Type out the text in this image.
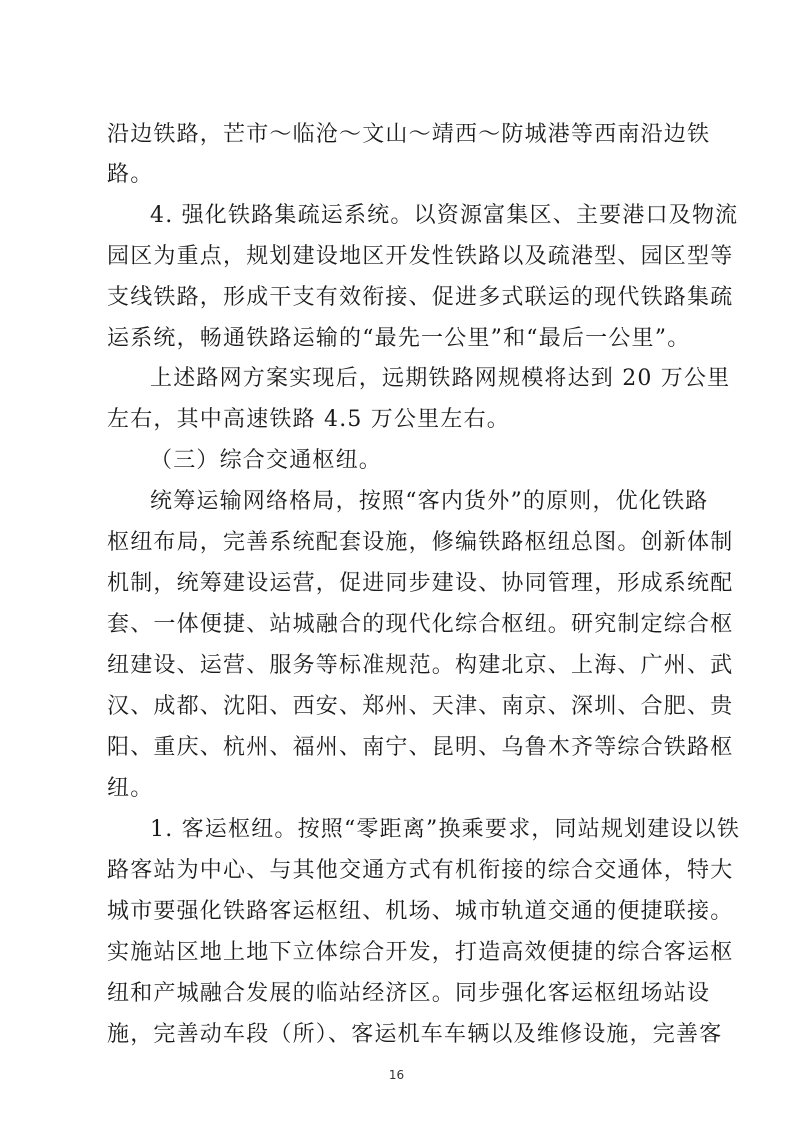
沿边铁路，芒市～临沧～文山～靖西～防城港等西南沿边铁
路。
4. 强化铁路集疏运系统。以资源富集区、主要港口及物流
园区为重点，规划建设地区开发性铁路以及疏港型、园区型等
支线铁路，形成干支有效衔接、促进多式联运的现代铁路集疏
运系统，畅通铁路运输的“最先一公里”和“最后一公里”。
上述路网方案实现后，远期铁路网规模将达到 20 万公里
左右，其中高速铁路 4.5 万公里左右。
（三）综合交通枢纽。
统筹运输网络格局，按照“客内货外”的原则，优化铁路
枢纽布局，完善系统配套设施，修编铁路枢纽总图。创新体制
机制，统筹建设运营，促进同步建设、协同管理，形成系统配
套、一体便捷、站城融合的现代化综合枢纽。研究制定综合枢
纽建设、运营、服务等标准规范。构建北京、上海、广州、武
汉、成都、沈阳、西安、郑州、天津、南京、深圳、合肥、贵
阳、重庆、杭州、福州、南宁、昆明、乌鲁木齐等综合铁路枢
纽。
1. 客运枢纽。按照“零距离”换乘要求，同站规划建设以铁
路客站为中心、与其他交通方式有机衔接的综合交通体，特大
城市要强化铁路客运枢纽、机场、城市轨道交通的便捷联接。
实施站区地上地下立体综合开发，打造高效便捷的综合客运枢
纽和产城融合发展的临站经济区。同步强化客运枢纽场站设
施，完善动车段（所）、客运机车车辆以及维修设施，完善客
16
